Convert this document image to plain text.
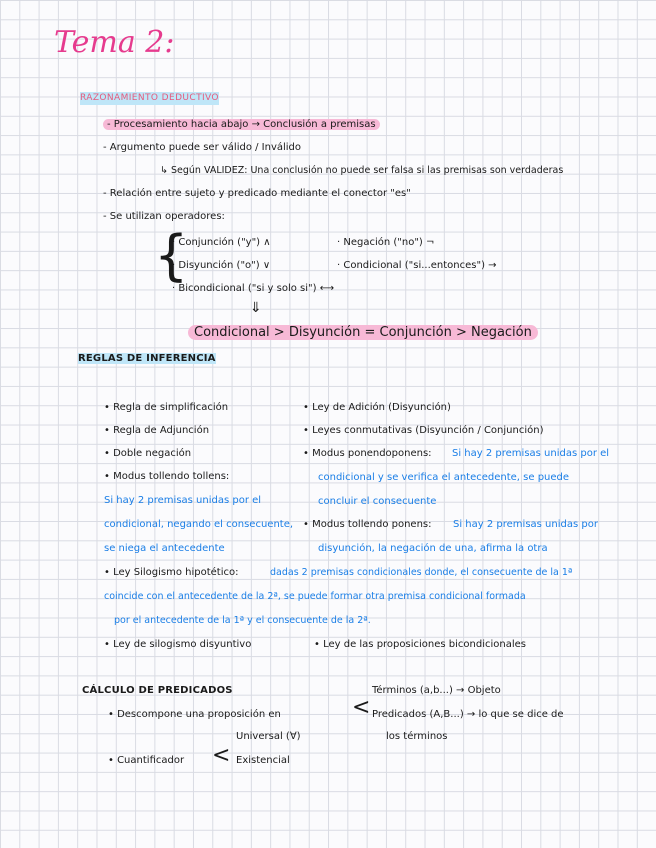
Tema 2:
RAZONAMIENTO DEDUCTIVO
- Procesamiento hacia abajo → Conclusión a premisas
- Argumento puede ser válido / Inválido
↳ Según VALIDEZ: Una conclusión no puede ser falsa si las premisas son verdaderas
- Relación entre sujeto y predicado mediante el conector "es"
- Se utilizan operadores:
{
· Conjunción ("y") ∧	· Negación ("no") ¬
· Disyunción ("o") ∨	· Condicional ("si...entonces") →
· Bicondicional ("si y solo si") ⟷
⇓
Condicional > Disyunción = Conjunción > Negación
REGLAS DE INFERENCIA
• Regla de simplificación
• Regla de Adjunción
• Doble negación
• Modus tollendo tollens:
Si hay 2 premisas unidas por el
condicional, negando el consecuente,
se niega el antecedente
• Ley de Adición (Disyunción)
• Leyes conmutativas (Disyunción / Conjunción)
• Modus ponendoponens: Si hay 2 premisas unidas por el
condicional y se verifica el antecedente, se puede
concluir el consecuente
• Modus tollendo ponens: Si hay 2 premisas unidas por
disyunción, la negación de una, afirma la otra
• Ley Silogismo hipotético:	dadas 2 premisas condicionales donde, el consecuente de la 1ª
coincide con el antecedente de la 2ª, se puede formar otra premisa condicional formada
por el antecedente de la 1ª y el consecuente de la 2ª.
• Ley de silogismo disyuntivo	• Ley de las proposiciones bicondicionales
CÁLCULO DE PREDICADOS	Términos (a,b...) → Objeto
• Descompone una proposición en	< Predicados (A,B...) → lo que se dice de
los términos
Universal (∀)
• Cuantificador < Existencial
